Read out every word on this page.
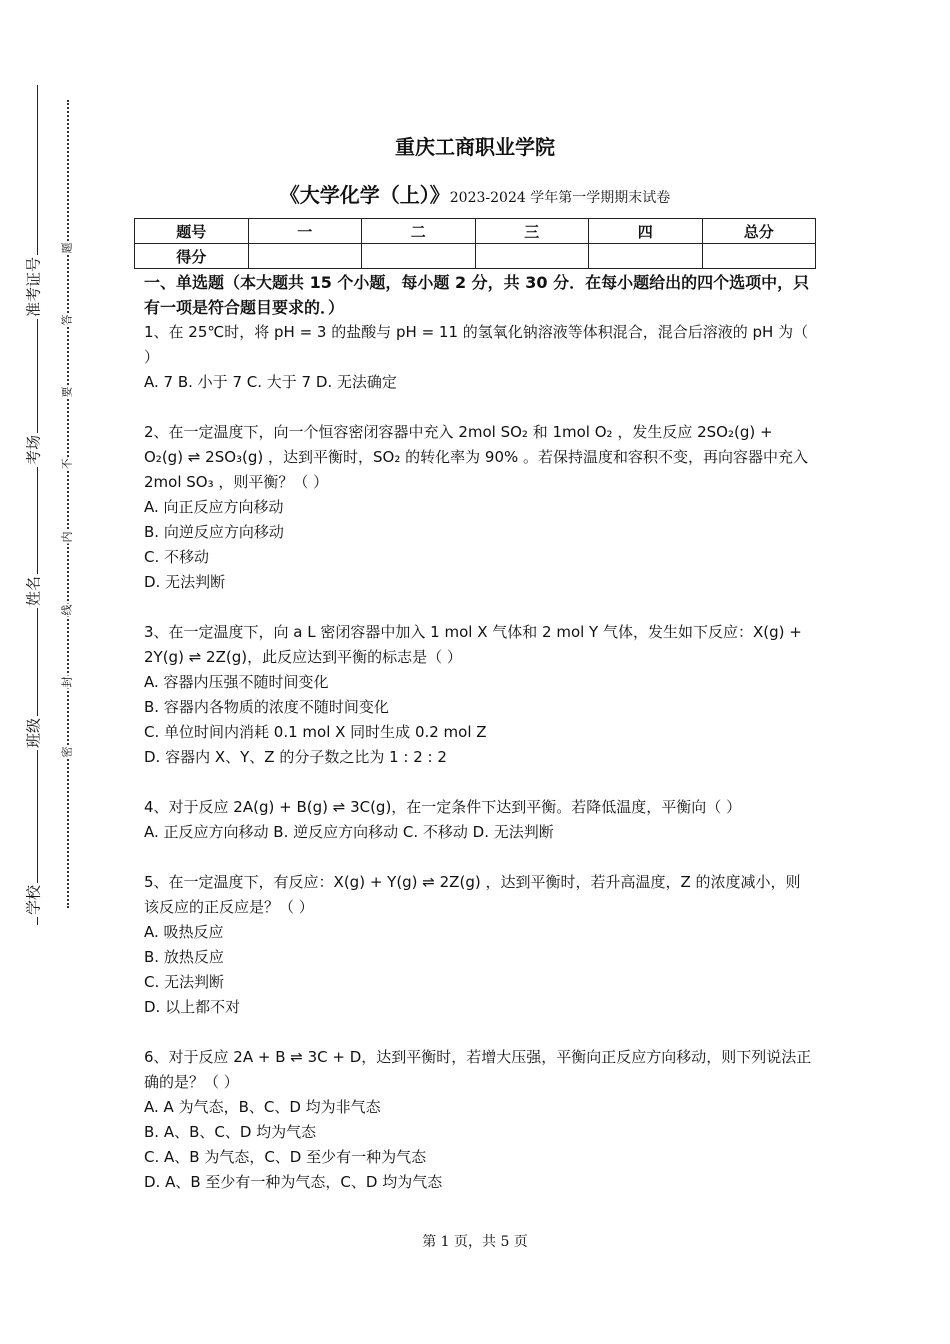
学校
班级
姓名
考场
准考证号
密
封
线
内
不
要
答
题
重庆工商职业学院
《大学化学（上）》2023-2024 学年第一学期期末试卷
题号	一	二	三	四	总分
得分					
一、单选题（本大题共 15 个小题，每小题 2 分，共 30 分．在每小题给出的四个选项中，只有一项是符合题目要求的．）
1、在 25℃时，将 pH = 3 的盐酸与 pH = 11 的氢氧化钠溶液等体积混合，混合后溶液的 pH 为（ ）
A. 7 B. 小于 7 C. 大于 7 D. 无法确定
2、在一定温度下，向一个恒容密闭容器中充入 2mol SO₂ 和 1mol O₂ ，发生反应 2SO₂(g) + O₂(g) ⇌ 2SO₃(g) ，达到平衡时，SO₂ 的转化率为 90% 。若保持温度和容积不变，再向容器中充入 2mol SO₃ ，则平衡？（ ）
A. 向正反应方向移动
B. 向逆反应方向移动
C. 不移动
D. 无法判断
3、在一定温度下，向 a L 密闭容器中加入 1 mol X 气体和 2 mol Y 气体，发生如下反应：X(g) + 2Y(g) ⇌ 2Z(g)，此反应达到平衡的标志是（ ）
A. 容器内压强不随时间变化
B. 容器内各物质的浓度不随时间变化
C. 单位时间内消耗 0.1 mol X 同时生成 0.2 mol Z
D. 容器内 X、Y、Z 的分子数之比为 1 : 2 : 2
4、对于反应 2A(g) + B(g) ⇌ 3C(g)，在一定条件下达到平衡。若降低温度，平衡向（ ）
A. 正反应方向移动 B. 逆反应方向移动 C. 不移动 D. 无法判断
5、在一定温度下，有反应：X(g) + Y(g) ⇌ 2Z(g) ，达到平衡时，若升高温度，Z 的浓度减小，则该反应的正反应是？（ ）
A. 吸热反应
B. 放热反应
C. 无法判断
D. 以上都不对
6、对于反应 2A + B ⇌ 3C + D，达到平衡时，若增大压强，平衡向正反应方向移动，则下列说法正确的是？（ ）
A. A 为气态，B、C、D 均为非气态
B. A、B、C、D 均为气态
C. A、B 为气态，C、D 至少有一种为气态
D. A、B 至少有一种为气态，C、D 均为气态
第 1 页，共 5 页
